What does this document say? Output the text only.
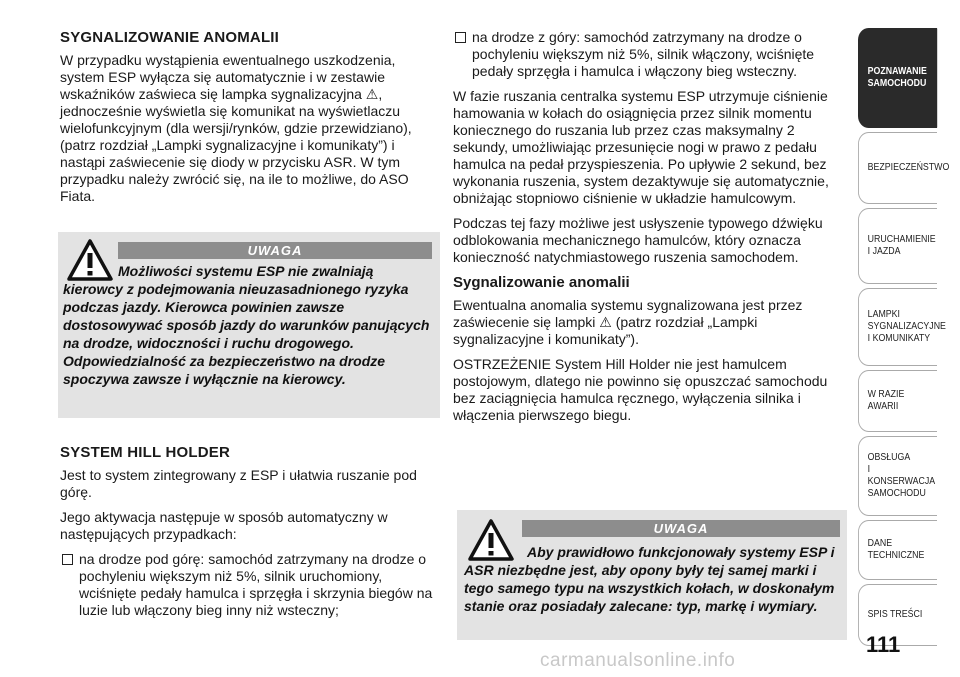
SYGNALIZOWANIE ANOMALII

W przypadku wystąpienia ewentualnego uszkodzenia, system ESP wyłącza się automatycznie i w zestawie wskaźników zaświeca się lampka sygnalizacyjna ⚠, jednocześnie wyświetla się komunikat na wyświetlaczu wielofunkcyjnym (dla wersji/rynków, gdzie przewidziano), (patrz rozdział „Lampki sygnalizacyjne i komunikaty”) i nastąpi zaświecenie się diody w przycisku ASR. W tym przypadku należy zwrócić się, na ile to możliwe, do ASO Fiata.

UWAGA
Możliwości systemu ESP nie zwalniają kierowcy z podejmowania nieuzasadnionego ryzyka podczas jazdy. Kierowca powinien zawsze dostosowywać sposób jazdy do warunków panujących na drodze, widoczności i ruchu drogowego. Odpowiedzialność za bezpieczeństwo na drodze spoczywa zawsze i wyłącznie na kierowcy.
SYSTEM HILL HOLDER

Jest to system zintegrowany z ESP i ułatwia ruszanie pod górę.

Jego aktywacja następuje w sposób automatyczny w następujących przypadkach:

na drodze pod górę: samochód zatrzymany na drodze o pochyleniu większym niż 5%, silnik uruchomiony, wciśnięte pedały hamulca i sprzęgła i skrzynia biegów na luzie lub włączony bieg inny niż wsteczny;
na drodze z góry: samochód zatrzymany na drodze o pochyleniu większym niż 5%, silnik włączony, wciśnięte pedały sprzęgła i hamulca i włączony bieg wsteczny.

W fazie ruszania centralka systemu ESP utrzymuje ciśnienie hamowania w kołach do osiągnięcia przez silnik momentu koniecznego do ruszania lub przez czas maksymalny 2 sekundy, umożliwiając przesunięcie nogi w prawo z pedału hamulca na pedał przyspieszenia. Po upływie 2 sekund, bez wykonania ruszenia, system dezaktywuje się automatycznie, obniżając stopniowo ciśnienie w układzie hamulcowym.

Podczas tej fazy możliwe jest usłyszenie typowego dźwięku odblokowania mechanicznego hamulców, który oznacza konieczność natychmiastowego ruszenia samochodem.

Sygnalizowanie anomalii

Ewentualna anomalia systemu sygnalizowana jest przez zaświecenie się lampki ⚠ (patrz rozdział „Lampki sygnalizacyjne i komunikaty”).

OSTRZEŻENIE System Hill Holder nie jest hamulcem postojowym, dlatego nie powinno się opuszczać samochodu bez zaciągnięcia hamulca ręcznego, wyłączenia silnika i włączenia pierwszego biegu.

UWAGA
Aby prawidłowo funkcjonowały systemy ESP i ASR niezbędne jest, aby opony były tej samej marki i tego samego typu na wszystkich kołach, w doskonałym stanie oraz posiadały zalecane: typ, markę i wymiary.
POZNAWANIE
SAMOCHODU
BEZPIECZEŃSTWO
URUCHAMIENIE
I JAZDA
LAMPKI
SYGNALIZACYJNE
I KOMUNIKATY
W RAZIE AWARII
OBSŁUGA
I KONSERWACJA
SAMOCHODU
DANE TECHNICZNE
SPIS TREŚCI
111
carmanualsonline.info
